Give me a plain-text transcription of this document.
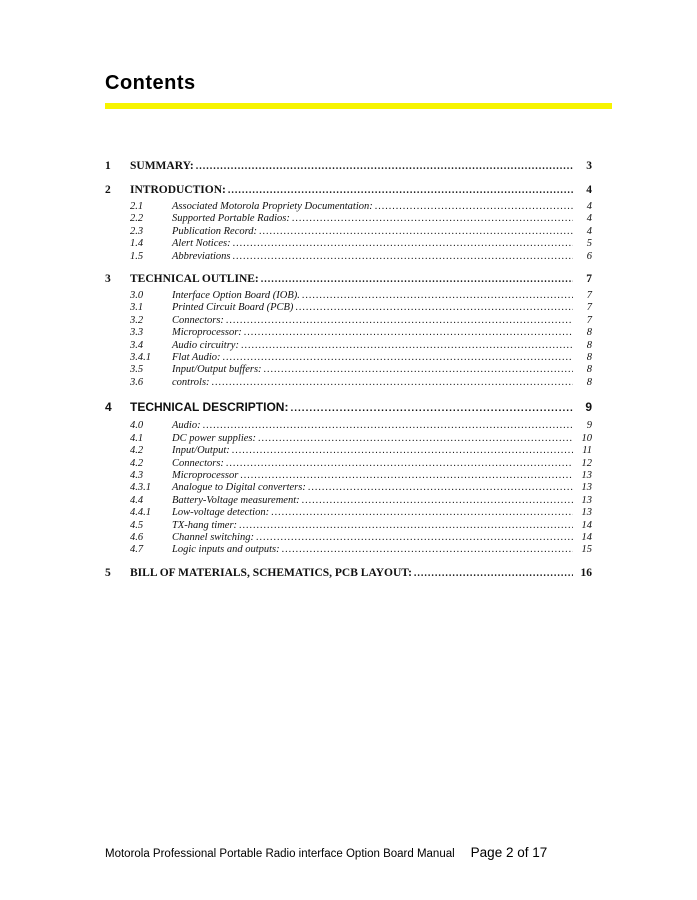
Contents
1	SUMMARY: .....	3
2	INTRODUCTION: .....	4
2.1	Associated Motorola Propriety Documentation: .....	4
2.2	Supported Portable Radios: .....	4
2.3	Publication Record: .....	4
1.4	Alert Notices: .....	5
1.5	Abbreviations .....	6
3	TECHNICAL OUTLINE: .....	7
3.0	Interface Option Board (IOB). .....	7
3.1	Printed Circuit Board (PCB) .....	7
3.2	Connectors: .....	7
3.3	Microprocessor: .....	8
3.4	Audio circuitry: .....	8
3.4.1	Flat Audio: .....	8
3.5	Input/Output buffers: .....	8
3.6	controls: .....	8
4	TECHNICAL DESCRIPTION: .....	9
4.0	Audio: .....	9
4.1	DC power supplies: .....	10
4.2	Input/Output: .....	11
4.2	Connectors: .....	12
4.3	Microprocessor .....	13
4.3.1	Analogue to Digital converters: .....	13
4.4	Battery-Voltage measurement: .....	13
4.4.1	Low-voltage detection: .....	13
4.5	TX-hang timer: .....	14
4.6	Channel switching: .....	14
4.7	Logic inputs and outputs: .....	15
5	BILL OF MATERIALS, SCHEMATICS, PCB LAYOUT: .....	16
Motorola Professional Portable Radio interface Option Board Manual Page 2 of 17
